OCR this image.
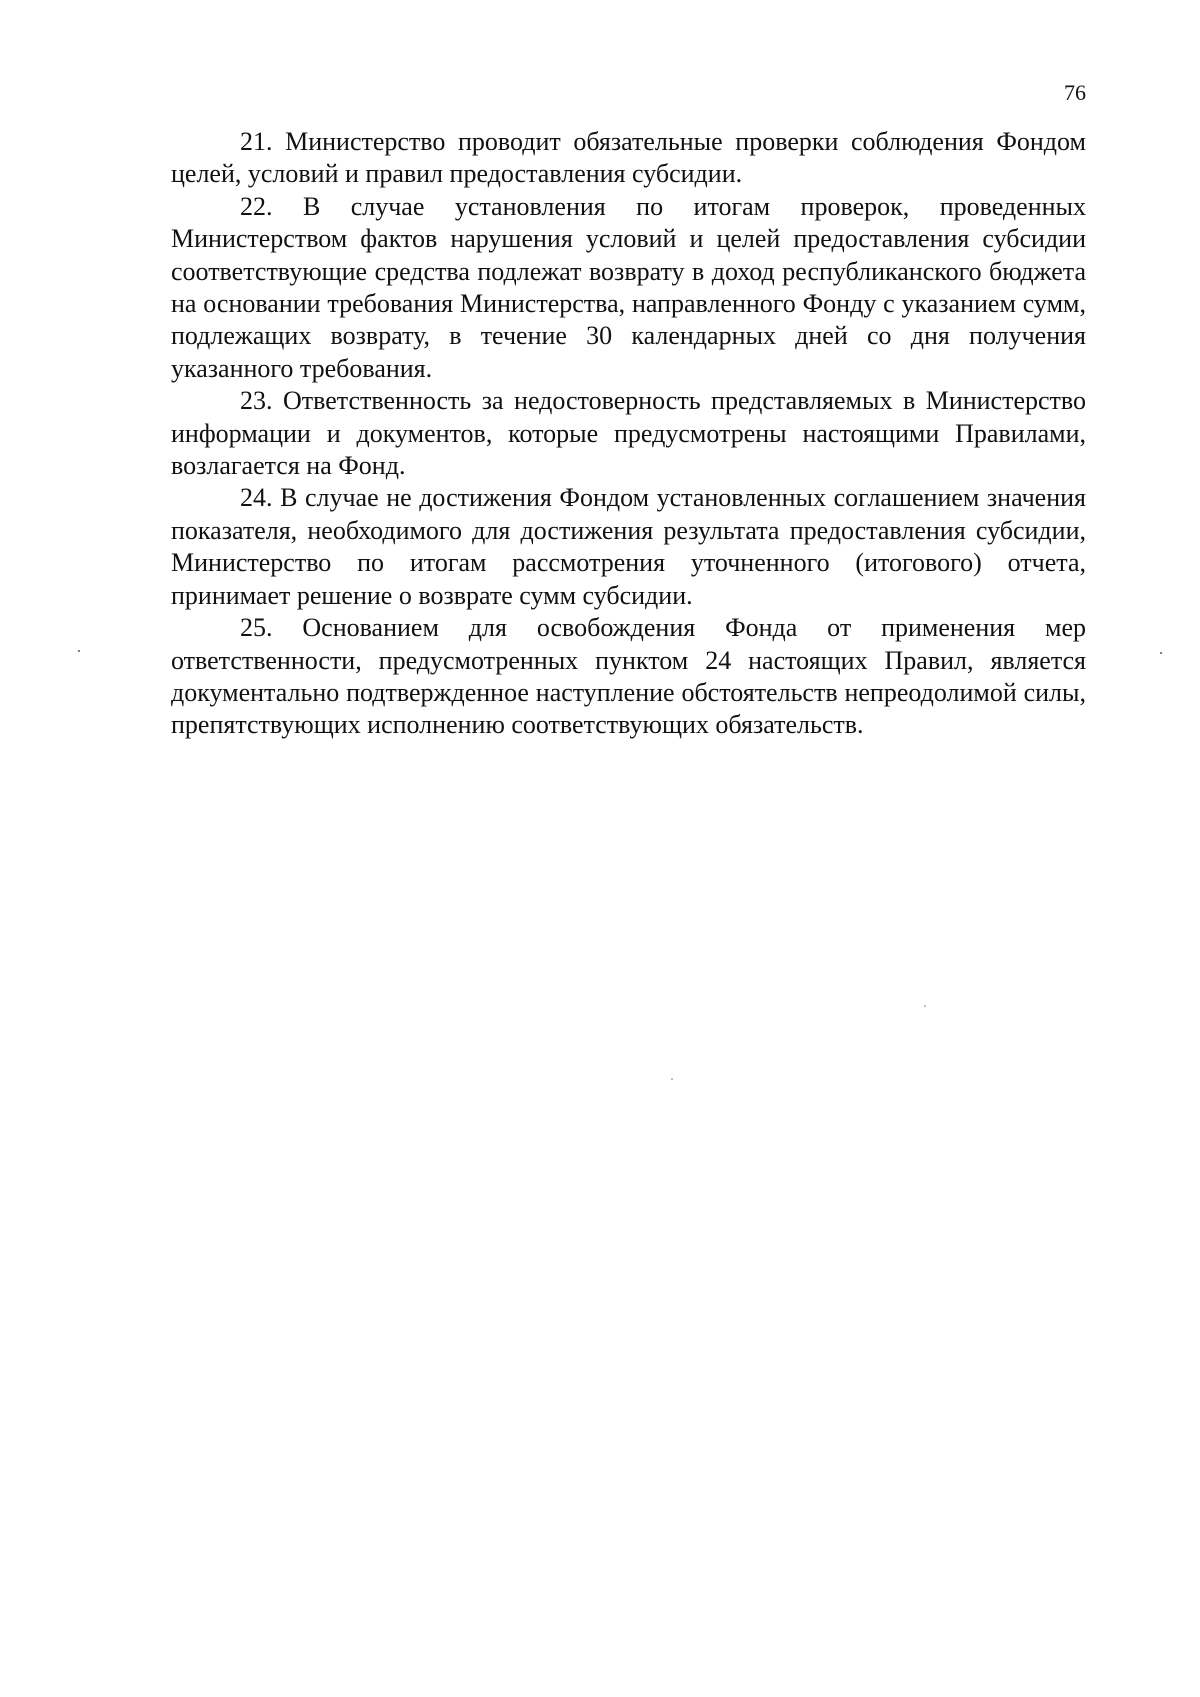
76

21. Министерство проводит обязательные проверки соблюдения Фондом целей, условий и правил предоставления субсидии.

22. В случае установления по итогам проверок, проведенных Министерством фактов нарушения условий и целей предоставления субсидии соответствующие средства подлежат возврату в доход республиканского бюджета на основании требования Министерства, направленного Фонду с указанием сумм, подлежащих возврату, в течение 30 календарных дней со дня получения указанного требования.

23. Ответственность за недостоверность представляемых в Министерство информации и документов, которые предусмотрены настоящими Правилами, возлагается на Фонд.

24. В случае не достижения Фондом установленных соглашением значения показателя, необходимого для достижения результата предоставления субсидии, Министерство по итогам рассмотрения уточненного (итогового) отчета, принимает решение о возврате сумм субсидии.

25. Основанием для освобождения Фонда от применения мер ответственности, предусмотренных пунктом 24 настоящих Правил, является документально подтвержденное наступление обстоятельств непреодолимой силы, препятствующих исполнению соответствующих обязательств.
